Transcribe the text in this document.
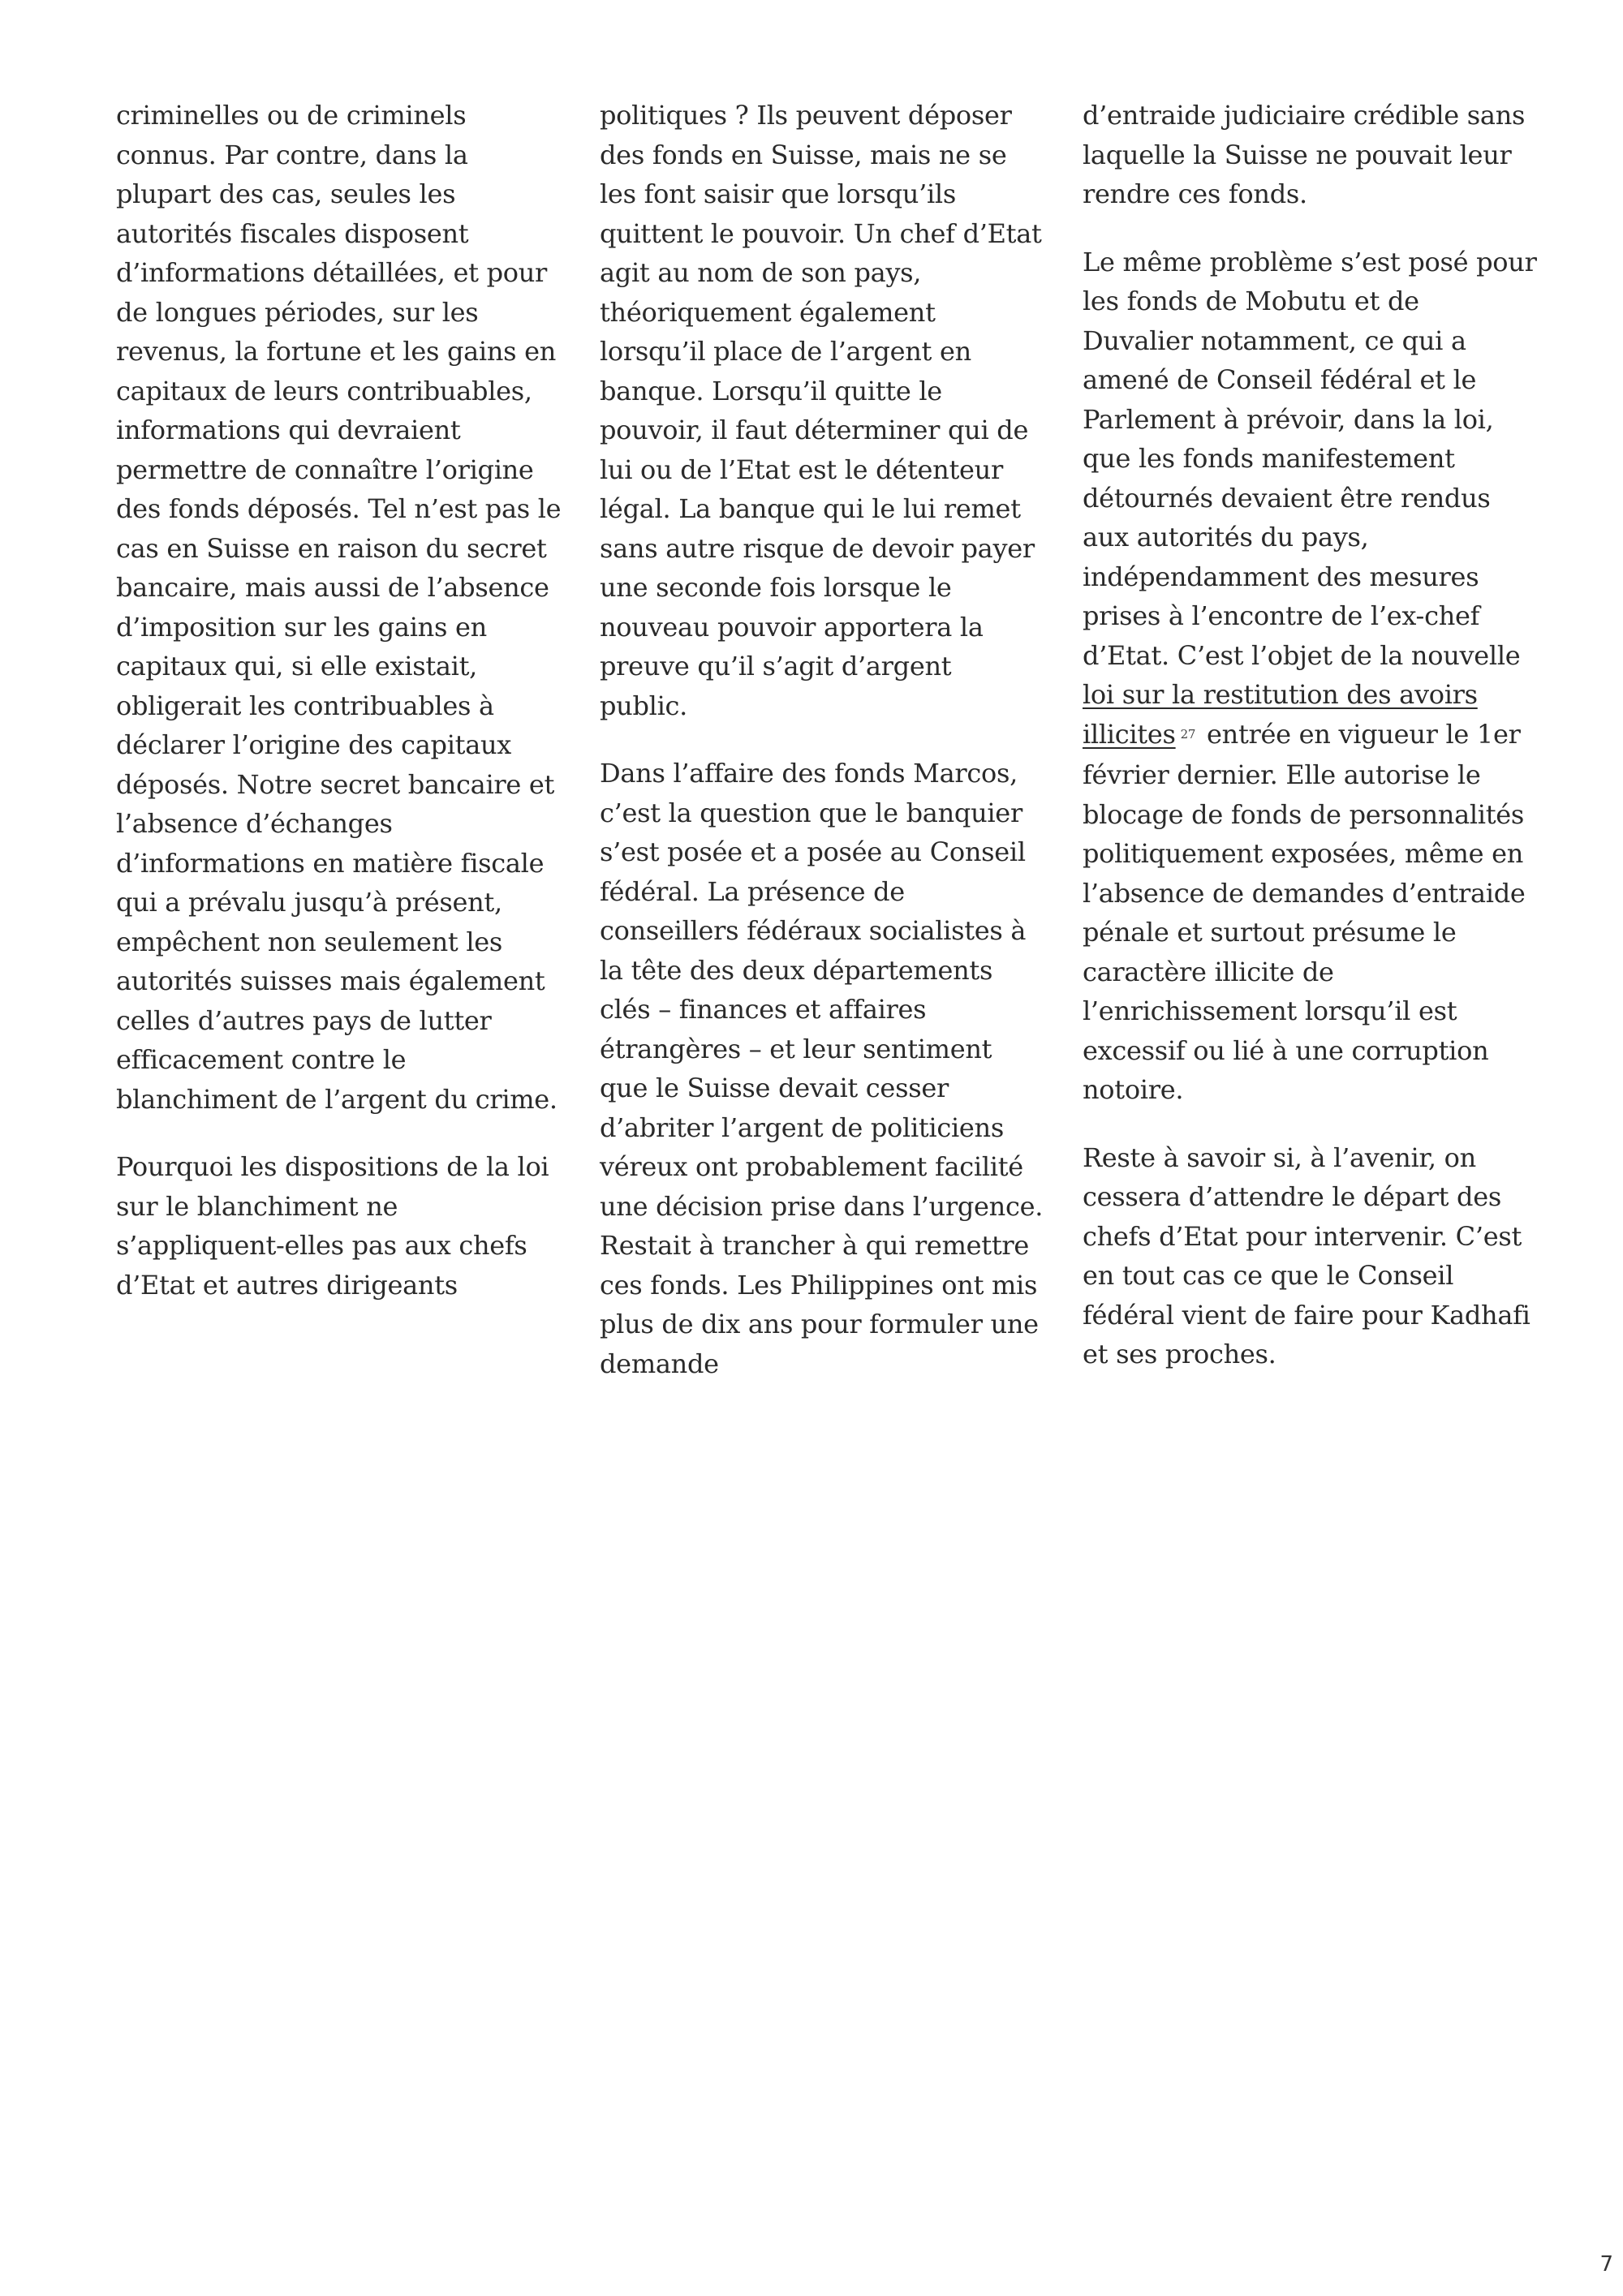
criminelles ou de criminels connus. Par contre, dans la plupart des cas, seules les autorités fiscales disposent d’informations détaillées, et pour de longues périodes, sur les revenus, la fortune et les gains en capitaux de leurs contribuables, informations qui devraient permettre de connaître l’origine des fonds déposés. Tel n’est pas le cas en Suisse en raison du secret bancaire, mais aussi de l’absence d’imposition sur les gains en capitaux qui, si elle existait, obligerait les contribuables à déclarer l’origine des capitaux déposés. Notre secret bancaire et l’absence d’échanges d’informations en matière fiscale qui a prévalu jusqu’à présent, empêchent non seulement les autorités suisses mais également celles d’autres pays de lutter efficacement contre le blanchiment de l’argent du crime.

Pourquoi les dispositions de la loi sur le blanchiment ne s’appliquent-elles pas aux chefs d’Etat et autres dirigeants

politiques ? Ils peuvent déposer des fonds en Suisse, mais ne se les font saisir que lorsqu’ils quittent le pouvoir. Un chef d’Etat agit au nom de son pays, théoriquement également lorsqu’il place de l’argent en banque. Lorsqu’il quitte le pouvoir, il faut déterminer qui de lui ou de l’Etat est le détenteur légal. La banque qui le lui remet sans autre risque de devoir payer une seconde fois lorsque le nouveau pouvoir apportera la preuve qu’il s’agit d’argent public.

Dans l’affaire des fonds Marcos, c’est la question que le banquier s’est posée et a posée au Conseil fédéral. La présence de conseillers fédéraux socialistes à la tête des deux départements clés – finances et affaires étrangères – et leur sentiment que le Suisse devait cesser d’abriter l’argent de politiciens véreux ont probablement facilité une décision prise dans l’urgence. Restait à trancher à qui remettre ces fonds. Les Philippines ont mis plus de dix ans pour formuler une demande

d’entraide judiciaire crédible sans laquelle la Suisse ne pouvait leur rendre ces fonds.

Le même problème s’est posé pour les fonds de Mobutu et de Duvalier notamment, ce qui a amené de Conseil fédéral et le Parlement à prévoir, dans la loi, que les fonds manifestement détournés devaient être rendus aux autorités du pays, indépendamment des mesures prises à l’encontre de l’ex-chef d’Etat. C’est l’objet de la nouvelle loi sur la restitution des avoirs illicites 27 entrée en vigueur le 1er février dernier. Elle autorise le blocage de fonds de personnalités politiquement exposées, même en l’absence de demandes d’entraide pénale et surtout présume le caractère illicite de l’enrichissement lorsqu’il est excessif ou lié à une corruption notoire.

Reste à savoir si, à l’avenir, on cessera d’attendre le départ des chefs d’Etat pour intervenir. C’est en tout cas ce que le Conseil fédéral vient de faire pour Kadhafi et ses proches.

7
